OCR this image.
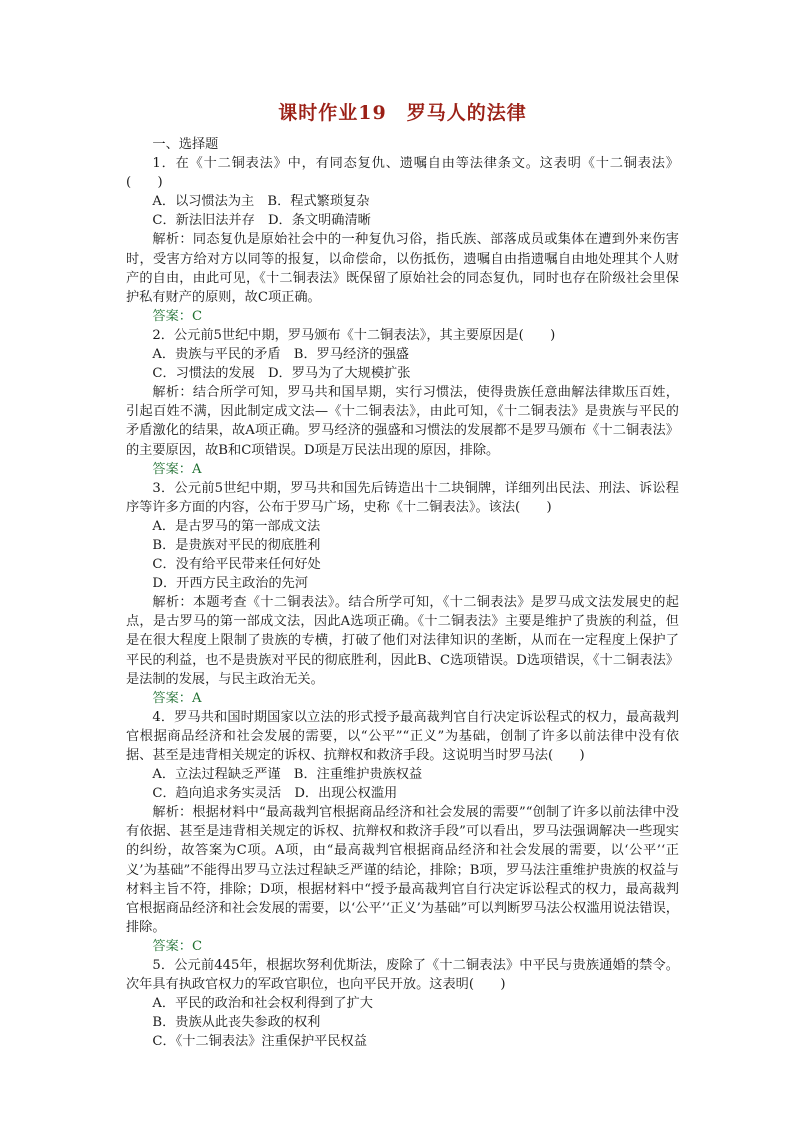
课时作业19　罗马人的法律

一、选择题

1．在《十二铜表法》中，有同态复仇、遗嘱自由等法律条文。这表明《十二铜表法》(　　)

A．以习惯法为主　B．程式繁琐复杂

C．新法旧法并存　D．条文明确清晰

解析：同态复仇是原始社会中的一种复仇习俗，指氏族、部落成员或集体在遭到外来伤害时，受害方给对方以同等的报复，以命偿命，以伤抵伤，遗嘱自由指遗嘱自由地处理其个人财产的自由，由此可见，《十二铜表法》既保留了原始社会的同态复仇，同时也存在阶级社会里保护私有财产的原则，故C项正确。

答案：C

2．公元前5世纪中期，罗马颁布《十二铜表法》，其主要原因是(　　)

A．贵族与平民的矛盾　B．罗马经济的强盛

C．习惯法的发展　D．罗马为了大规模扩张

解析：结合所学可知，罗马共和国早期，实行习惯法，使得贵族任意曲解法律欺压百姓，引起百姓不满，因此制定成文法—《十二铜表法》，由此可知，《十二铜表法》是贵族与平民的矛盾激化的结果，故A项正确。罗马经济的强盛和习惯法的发展都不是罗马颁布《十二铜表法》的主要原因，故B和C项错误。D项是万民法出现的原因，排除。

答案：A

3．公元前5世纪中期，罗马共和国先后铸造出十二块铜牌，详细列出民法、刑法、诉讼程序等许多方面的内容，公布于罗马广场，史称《十二铜表法》。该法(　　)

A．是古罗马的第一部成文法

B．是贵族对平民的彻底胜利

C．没有给平民带来任何好处

D．开西方民主政治的先河

解析：本题考查《十二铜表法》。结合所学可知，《十二铜表法》是罗马成文法发展史的起点，是古罗马的第一部成文法，因此A选项正确。《十二铜表法》主要是维护了贵族的利益，但是在很大程度上限制了贵族的专横，打破了他们对法律知识的垄断，从而在一定程度上保护了平民的利益，也不是贵族对平民的彻底胜利，因此B、C选项错误。D选项错误，《十二铜表法》是法制的发展，与民主政治无关。

答案：A

4．罗马共和国时期国家以立法的形式授予最高裁判官自行决定诉讼程式的权力，最高裁判官根据商品经济和社会发展的需要，以“公平”“正义”为基础，创制了许多以前法律中没有依据、甚至是违背相关规定的诉权、抗辩权和救济手段。这说明当时罗马法(　　)

A．立法过程缺乏严谨　B．注重维护贵族权益

C．趋向追求务实灵活　D．出现公权滥用

解析：根据材料中“最高裁判官根据商品经济和社会发展的需要”“创制了许多以前法律中没有依据、甚至是违背相关规定的诉权、抗辩权和救济手段”可以看出，罗马法强调解决一些现实的纠纷，故答案为C项。A项，由“最高裁判官根据商品经济和社会发展的需要，以‘公平’‘正义’为基础”不能得出罗马立法过程缺乏严谨的结论，排除；B项，罗马法注重维护贵族的权益与材料主旨不符，排除；D项，根据材料中“授予最高裁判官自行决定诉讼程式的权力，最高裁判官根据商品经济和社会发展的需要，以‘公平’‘正义’为基础”可以判断罗马法公权滥用说法错误，排除。

答案：C

5．公元前445年，根据坎努利优斯法，废除了《十二铜表法》中平民与贵族通婚的禁令。次年具有执政官权力的军政官职位，也向平民开放。这表明(　　)

A．平民的政治和社会权利得到了扩大

B．贵族从此丧失参政的权利

C．《十二铜表法》注重保护平民权益
